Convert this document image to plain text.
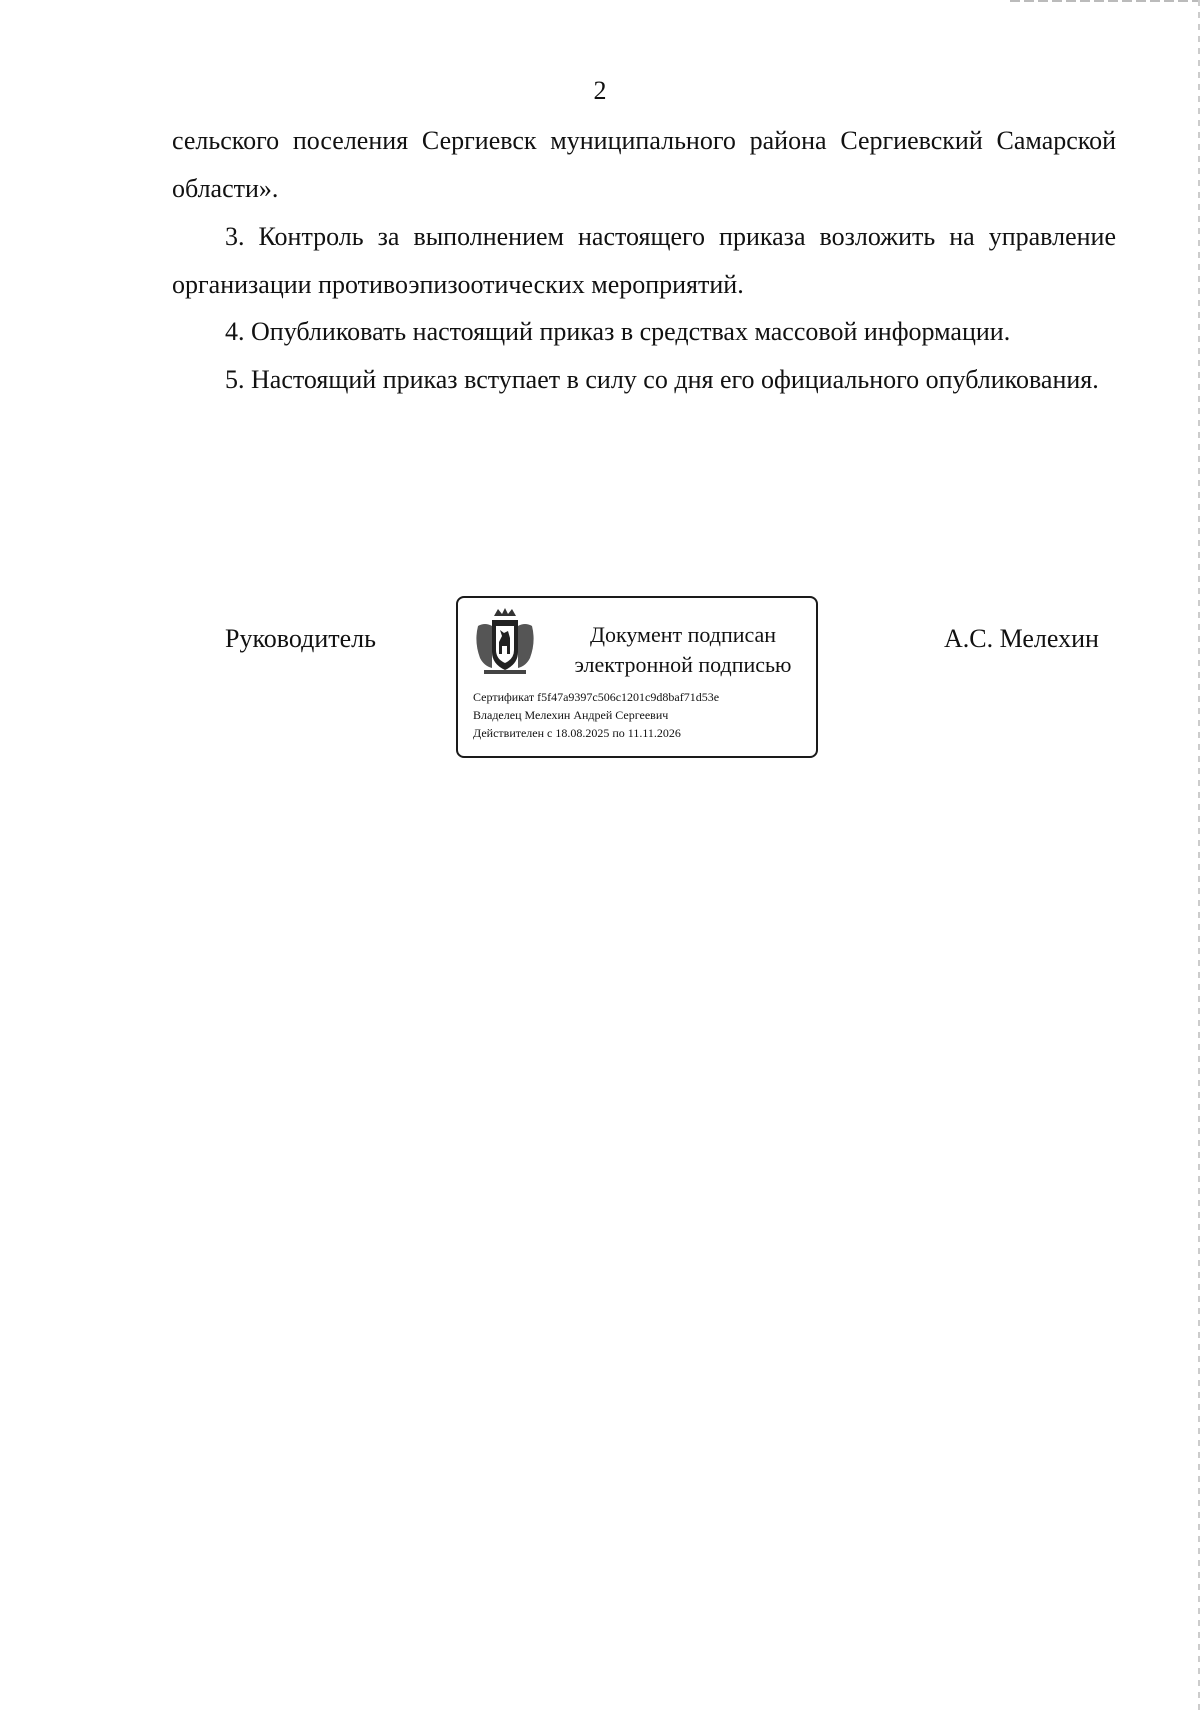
2

сельского поселения Сергиевск муниципального района Сергиевский Самарской области».

3. Контроль за выполнением настоящего приказа возложить на управление организации противоэпизоотических мероприятий.

4. Опубликовать настоящий приказ в средствах массовой информации.

5. Настоящий приказ вступает в силу со дня его официального опубликования.

Руководитель	Документ подписан
электронной подписью
Сертификат f5f47a9397c506c1201c9d8baf71d53e
Владелец Мелехин Андрей Сергеевич
Действителен с 18.08.2025 по 11.11.2026
А.С. Мелехин
